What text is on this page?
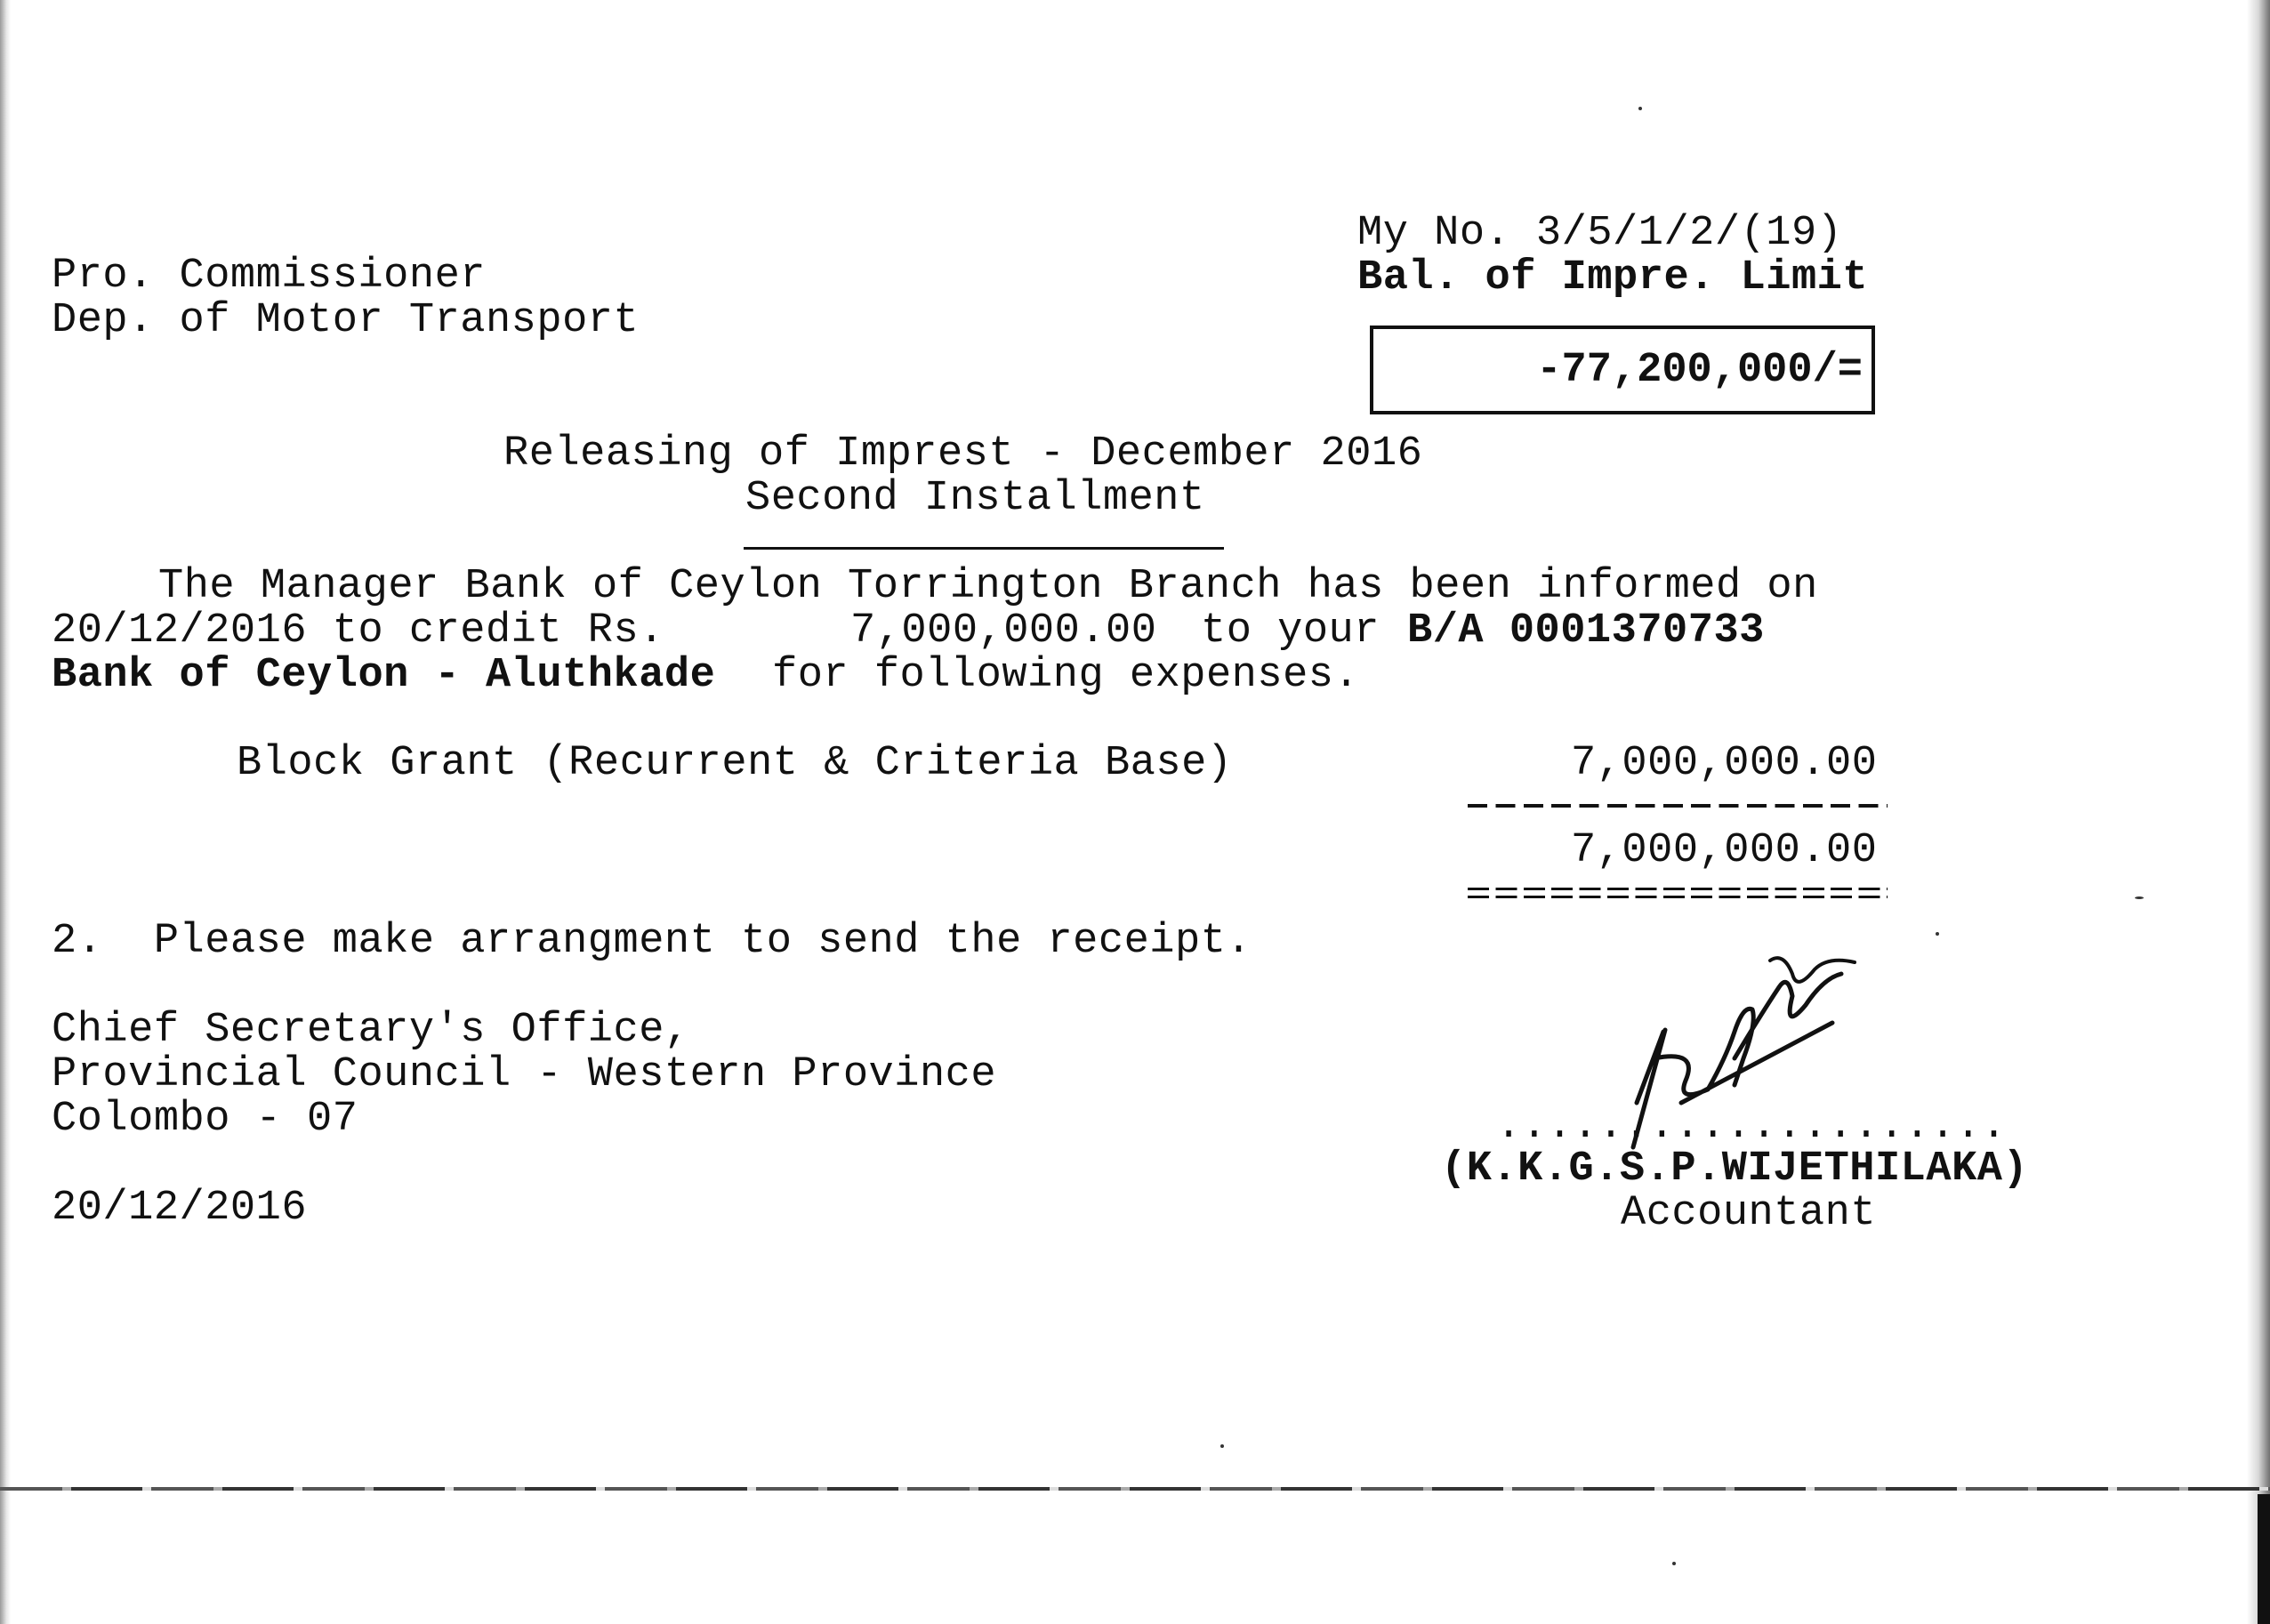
My No. 3/5/1/2/(19)
Bal. of Impre. Limit
-77,200,000/=
Pro. Commissioner
Dep. of Motor Transport
Releasing of Imprest - December 2016
Second Installment
The Manager Bank of Ceylon Torrington Branch has been informed on
20/12/2016 to credit Rs.	7,000,000.00 to your B/A 0001370733
Bank of Ceylon - Aluthkade for following expenses.
Block Grant (Recurrent & Criteria Base)	7,000,000.00
7,000,000.00
2.  Please make arrangment to send the receipt.
Chief Secretary's Office,
Provincial Council - Western Province
Colombo - 07
20/12/2016
....................
(K.K.G.S.P.WIJETHILAKA)
Accountant
